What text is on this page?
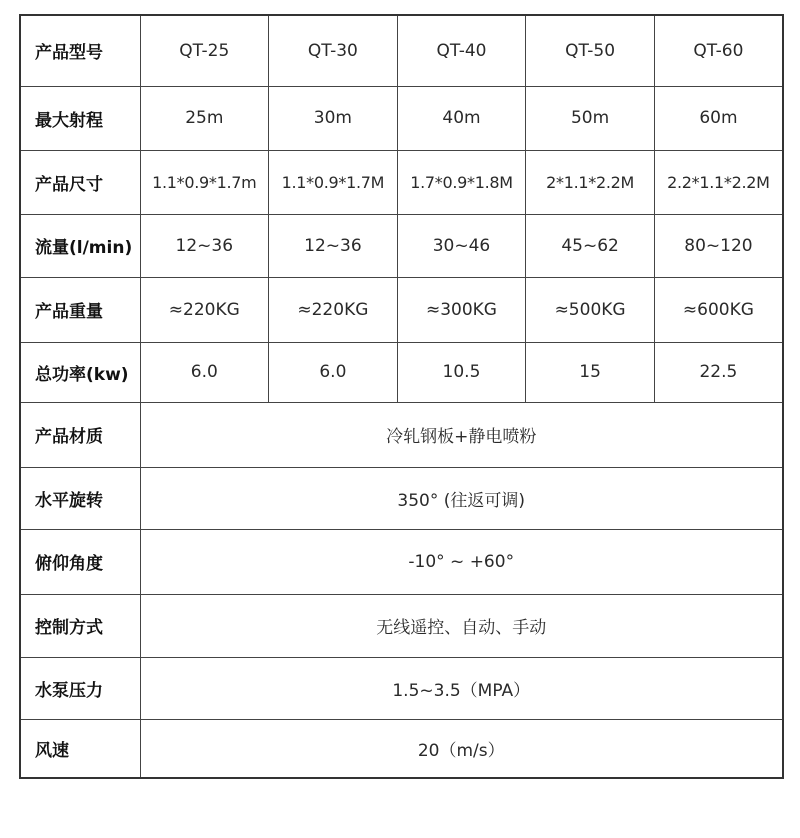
产品型号	QT-25	QT-30	QT-40	QT-50	QT-60
最大射程	25m	30m	40m	50m	60m
产品尺寸	1.1*0.9*1.7m	1.1*0.9*1.7M	1.7*0.9*1.8M	2*1.1*2.2M	2.2*1.1*2.2M
流量(l/min)	12~36	12~36	30~46	45~62	80~120
产品重量	≈220KG	≈220KG	≈300KG	≈500KG	≈600KG
总功率(kw)	6.0	6.0	10.5	15	22.5
产品材质	冷轧钢板+静电喷粉				
水平旋转	350° (往返可调)				
俯仰角度	-10° ~ +60°				
控制方式	无线遥控、自动、手动				
水泵压力	1.5~3.5（MPA）				
风速	20（m/s）				
